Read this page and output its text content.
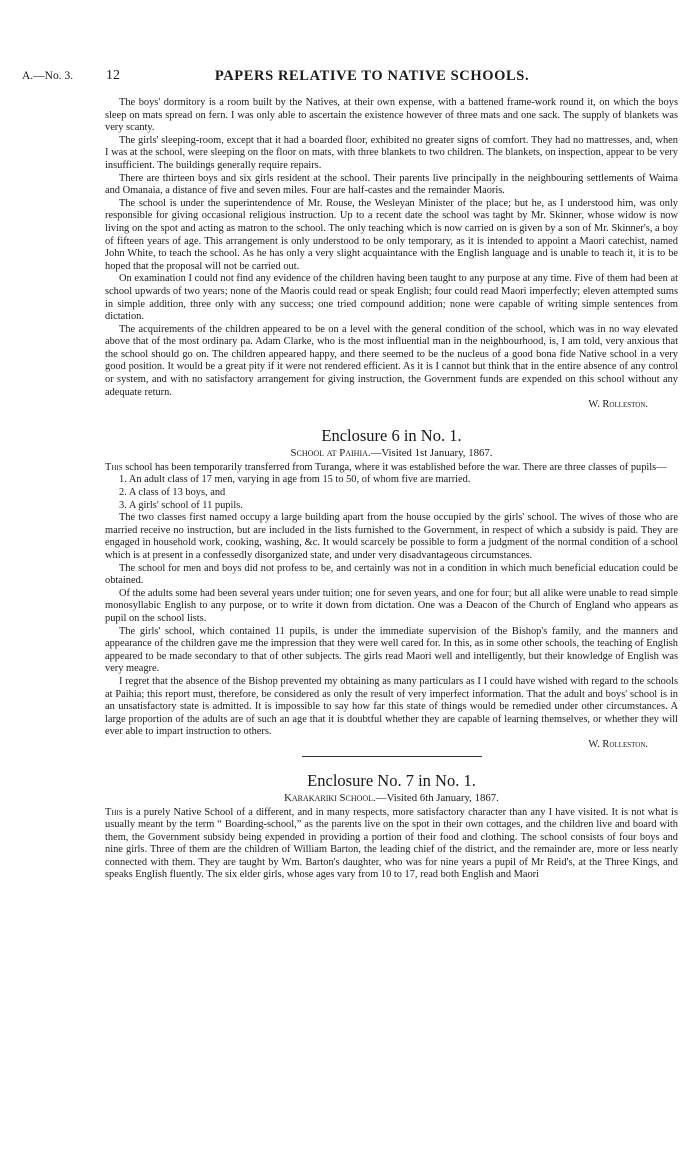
A.—No. 3. 12	PAPERS RELATIVE TO NATIVE SCHOOLS.

The boys' dormitory is a room built by the Natives, at their own expense, with a battened frame-work round it, on which the boys sleep on mats spread on fern. I was only able to ascertain the existence however of three mats and one sack. The supply of blankets was very scanty.

The girls' sleeping-room, except that it had a boarded floor, exhibited no greater signs of comfort. They had no mattresses, and, when I was at the school, were sleeping on the floor on mats, with three blankets to two children. The blankets, on inspection, appear to be very insufficient. The buildings generally require repairs.

There are thirteen boys and six girls resident at the school. Their parents live principally in the neighbouring settlements of Waima and Omanaia, a distance of five and seven miles. Four are half-castes and the remainder Maoris.

The school is under the superintendence of Mr. Rouse, the Wesleyan Minister of the place; but he, as I understood him, was only responsible for giving occasional religious instruction. Up to a recent date the school was taght by Mr. Skinner, whose widow is now living on the spot and acting as matron to the school. The only teaching which is now carried on is given by a son of Mr. Skinner's, a boy of fifteen years of age. This arrangement is only understood to be only temporary, as it is intended to appoint a Maori catechist, named John White, to teach the school. As he has only a very slight acquaintance with the English language and is unable to teach it, it is to be hoped that the proposal will not be carried out.

On examination I could not find any evidence of the children having been taught to any purpose at any time. Five of them had been at school upwards of two years; none of the Maoris could read or speak English; four could read Maori imperfectly; eleven attempted sums in simple addition, three only with any success; one tried compound addition; none were capable of writing simple sentences from dictation.

The acquirements of the children appeared to be on a level with the general condition of the school, which was in no way elevated above that of the most ordinary pa. Adam Clarke, who is the most influential man in the neighbourhood, is, I am told, very anxious that the school should go on. The children appeared happy, and there seemed to be the nucleus of a good bona fide Native school in a very good position. It would be a great pity if it were not rendered efficient. As it is I cannot but think that in the entire absence of any control or system, and with no satisfactory arrangement for giving instruction, the Government funds are expended on this school without any adequate return.

W. Rolleston.

Enclosure 6 in No. 1.
School at Paihia.—Visited 1st January, 1867.

This school has been temporarily transferred from Turanga, where it was established before the war. There are three classes of pupils—

1. An adult class of 17 men, varying in age from 15 to 50, of whom five are married.

2. A class of 13 boys, and

3. A girls' school of 11 pupils.

The two classes first named occupy a large building apart from the house occupied by the girls' school. The wives of those who are married receive no instruction, but are included in the lists furnished to the Government, in respect of which a subsidy is paid. They are engaged in household work, cooking, washing, &c. It would scarcely be possible to form a judgment of the normal condition of a school which is at present in a confessedly disorganized state, and under very disadvantageous circumstances.

The school for men and boys did not profess to be, and certainly was not in a condition in which much beneficial education could be obtained.

Of the adults some had been several years under tuition; one for seven years, and one for four; but all alike were unable to read simple monosyllabic English to any purpose, or to write it down from dictation. One was a Deacon of the Church of England who appears as pupil on the school lists.

The girls' school, which contained 11 pupils, is under the immediate supervision of the Bishop's family, and the manners and appearance of the children gave me the impression that they were well cared for. In this, as in some other schools, the teaching of English appeared to be made secondary to that of other subjects. The girls read Maori well and intelligently, but their knowledge of English was very meagre.

I regret that the absence of the Bishop prevented my obtaining as many particulars as I I could have wished with regard to the schools at Paihia; this report must, therefore, be considered as only the result of very imperfect information. That the adult and boys' school is in an unsatisfactory state is admitted. It is impossible to say how far this state of things would be remedied under other circumstances. A large proportion of the adults are of such an age that it is doubtful whether they are capable of learning themselves, or whether they will ever able to impart instruction to others.

W. Rolleston.

Enclosure No. 7 in No. 1.
Karakariki School.—Visited 6th January, 1867.

This is a purely Native School of a different, and in many respects, more satisfactory character than any I have visited. It is not what is usually meant by the term “ Boarding-school,” as the parents live on the spot in their own cottages, and the children live and board with them, the Government subsidy being expended in providing a portion of their food and clothing. The school consists of four boys and nine girls. Three of them are the children of William Barton, the leading chief of the district, and the remainder are, more or less nearly connected with them. They are taught by Wm. Barton's daughter, who was for nine years a pupil of Mr Reid's, at the Three Kings, and speaks English fluently. The six elder girls, whose ages vary from 10 to 17, read both English and Maori
